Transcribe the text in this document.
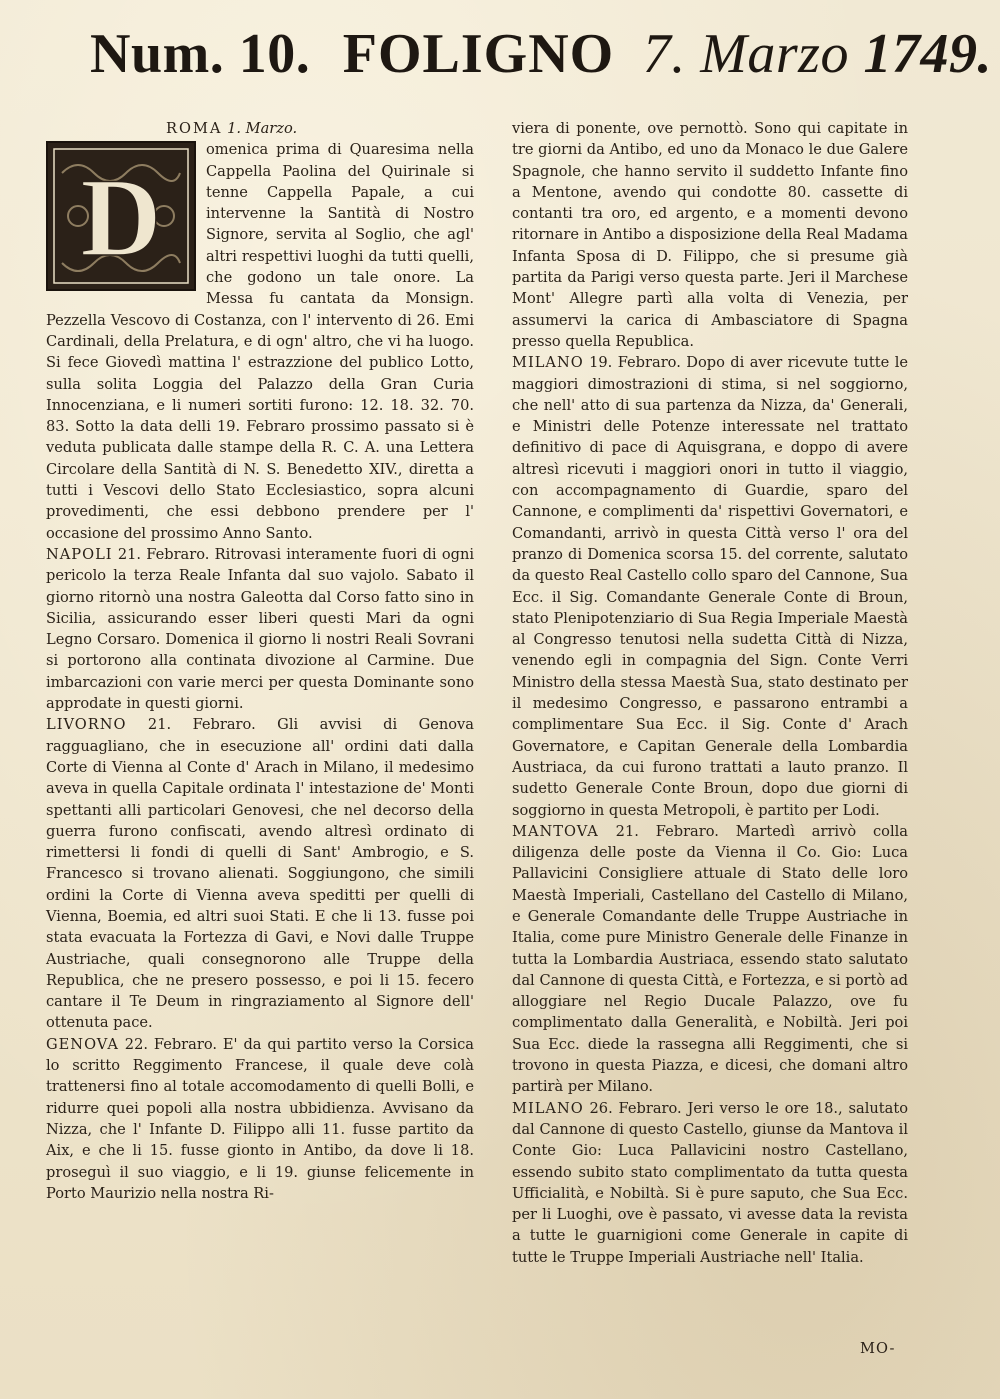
Num. 10. FOLIGNO 7. Marzo 1749.

ROMA 1. Marzo.

D

omenica prima di Quaresima nella Cappella Paolina del Quirinale si tenne Cappella Papale, a cui intervenne la Santità di Nostro Signore, servita al Soglio, che agl' altri respettivi luoghi da tutti quelli, che godono un tale onore. La Messa fu cantata da Monsign. Pezzella Vescovo di Costanza, con l' intervento di 26. Emi Cardinali, della Prelatura, e di ogn' altro, che vi ha luogo. Si fece Giovedì mattina l' estrazzione del publico Lotto, sulla solita Loggia del Palazzo della Gran Curia Innocenziana, e li numeri sortiti furono: 12. 18. 32. 70. 83. Sotto la data delli 19. Febraro prossimo passato si è veduta publicata dalle stampe della R. C. A. una Lettera Circolare della Santità di N. S. Benedetto XIV., diretta a tutti i Vescovi dello Stato Ecclesiastico, sopra alcuni provedimenti, che essi debbono prendere per l' occasione del prossimo Anno Santo.

NAPOLI 21. Febraro. Ritrovasi interamente fuori di ogni pericolo la terza Reale Infanta dal suo vajolo. Sabato il giorno ritornò una nostra Galeotta dal Corso fatto sino in Sicilia, assicurando esser liberi questi Mari da ogni Legno Corsaro. Domenica il giorno li nostri Reali Sovrani si portorono alla continata divozione al Carmine. Due imbarcazioni con varie merci per questa Dominante sono approdate in questi giorni.

LIVORNO 21. Febraro. Gli avvisi di Genova ragguagliano, che in esecuzione all' ordini dati dalla Corte di Vienna al Conte d' Arach in Milano, il medesimo aveva in quella Capitale ordinata l' intestazione de' Monti spettanti alli particolari Genovesi, che nel decorso della guerra furono confiscati, avendo altresì ordinato di rimettersi li fondi di quelli di Sant' Ambrogio, e S. Francesco si trovano alienati. Soggiungono, che simili ordini la Corte di Vienna aveva speditti per quelli di Vienna, Boemia, ed altri suoi Stati. E che li 13. fusse poi stata evacuata la Fortezza di Gavi, e Novi dalle Truppe Austriache, quali consegnorono alle Truppe della Republica, che ne presero possesso, e poi li 15. fecero cantare il Te Deum in ringraziamento al Signore dell' ottenuta pace.

GENOVA 22. Febraro. E' da qui partito verso la Corsica lo scritto Reggimento Francese, il quale deve colà trattenersi fino al totale accomodamento di quelli Bolli, e ridurre quei popoli alla nostra ubbidienza. Avvisano da Nizza, che l' Infante D. Filippo alli 11. fusse partito da Aix, e che li 15. fusse gionto in Antibo, da dove li 18. proseguì il suo viaggio, e li 19. giunse felicemente in Porto Maurizio nella nostra Ri-

viera di ponente, ove pernottò. Sono qui capitate in tre giorni da Antibo, ed uno da Monaco le due Galere Spagnole, che hanno servito il suddetto Infante fino a Mentone, avendo qui condotte 80. cassette di contanti tra oro, ed argento, e a momenti devono ritornare in Antibo a disposizione della Real Madama Infanta Sposa di D. Filippo, che si presume già partita da Parigi verso questa parte. Jeri il Marchese Mont' Allegre partì alla volta di Venezia, per assumervi la carica di Ambasciatore di Spagna presso quella Republica.

MILANO 19. Febraro. Dopo di aver ricevute tutte le maggiori dimostrazioni di stima, si nel soggiorno, che nell' atto di sua partenza da Nizza, da' Generali, e Ministri delle Potenze interessate nel trattato definitivo di pace di Aquisgrana, e doppo di avere altresì ricevuti i maggiori onori in tutto il viaggio, con accompagnamento di Guardie, sparo del Cannone, e complimenti da' rispettivi Governatori, e Comandanti, arrivò in questa Città verso l' ora del pranzo di Domenica scorsa 15. del corrente, salutato da questo Real Castello collo sparo del Cannone, Sua Ecc. il Sig. Comandante Generale Conte di Broun, stato Plenipotenziario di Sua Regia Imperiale Maestà al Congresso tenutosi nella sudetta Città di Nizza, venendo egli in compagnia del Sign. Conte Verri Ministro della stessa Maestà Sua, stato destinato per il medesimo Congresso, e passarono entrambi a complimentare Sua Ecc. il Sig. Conte d' Arach Governatore, e Capitan Generale della Lombardia Austriaca, da cui furono trattati a lauto pranzo. Il sudetto Generale Conte Broun, dopo due giorni di soggiorno in questa Metropoli, è partito per Lodi.

MANTOVA 21. Febraro. Martedì arrivò colla diligenza delle poste da Vienna il Co. Gio: Luca Pallavicini Consigliere attuale di Stato delle loro Maestà Imperiali, Castellano del Castello di Milano, e Generale Comandante delle Truppe Austriache in Italia, come pure Ministro Generale delle Finanze in tutta la Lombardia Austriaca, essendo stato salutato dal Cannone di questa Città, e Fortezza, e si portò ad alloggiare nel Regio Ducale Palazzo, ove fu complimentato dalla Generalità, e Nobiltà. Jeri poi Sua Ecc. diede la rassegna alli Reggimenti, che si trovono in questa Piazza, e dicesi, che domani altro partirà per Milano.

MILANO 26. Febraro. Jeri verso le ore 18., salutato dal Cannone di questo Castello, giunse da Mantova il Conte Gio: Luca Pallavicini nostro Castellano, essendo subito stato complimentato da tutta questa Ufficialità, e Nobiltà. Si è pure saputo, che Sua Ecc. per li Luoghi, ove è passato, vi avesse data la revista a tutte le guarnigioni come Generale in capite di tutte le Truppe Imperiali Austriache nell' Italia.

MO-
